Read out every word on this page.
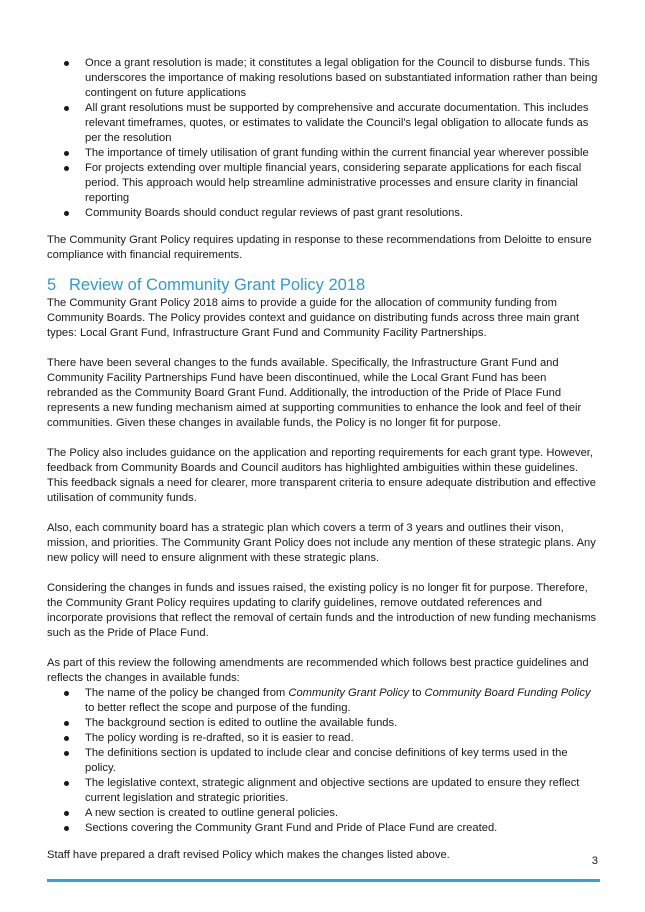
Once a grant resolution is made; it constitutes a legal obligation for the Council to disburse funds. This underscores the importance of making resolutions based on substantiated information rather than being contingent on future applications
All grant resolutions must be supported by comprehensive and accurate documentation. This includes relevant timeframes, quotes, or estimates to validate the Council's legal obligation to allocate funds as per the resolution
The importance of timely utilisation of grant funding within the current financial year wherever possible
For projects extending over multiple financial years, considering separate applications for each fiscal period. This approach would help streamline administrative processes and ensure clarity in financial reporting
Community Boards should conduct regular reviews of past grant resolutions.

The Community Grant Policy requires updating in response to these recommendations from Deloitte to ensure compliance with financial requirements.

5 Review of Community Grant Policy 2018

The Community Grant Policy 2018 aims to provide a guide for the allocation of community funding from Community Boards. The Policy provides context and guidance on distributing funds across three main grant types: Local Grant Fund, Infrastructure Grant Fund and Community Facility Partnerships.

There have been several changes to the funds available. Specifically, the Infrastructure Grant Fund and Community Facility Partnerships Fund have been discontinued, while the Local Grant Fund has been rebranded as the Community Board Grant Fund. Additionally, the introduction of the Pride of Place Fund represents a new funding mechanism aimed at supporting communities to enhance the look and feel of their communities. Given these changes in available funds, the Policy is no longer fit for purpose.

The Policy also includes guidance on the application and reporting requirements for each grant type. However, feedback from Community Boards and Council auditors has highlighted ambiguities within these guidelines. This feedback signals a need for clearer, more transparent criteria to ensure adequate distribution and effective utilisation of community funds.

Also, each community board has a strategic plan which covers a term of 3 years and outlines their vison, mission, and priorities. The Community Grant Policy does not include any mention of these strategic plans. Any new policy will need to ensure alignment with these strategic plans.

Considering the changes in funds and issues raised, the existing policy is no longer fit for purpose. Therefore, the Community Grant Policy requires updating to clarify guidelines, remove outdated references and incorporate provisions that reflect the removal of certain funds and the introduction of new funding mechanisms such as the Pride of Place Fund.

As part of this review the following amendments are recommended which follows best practice guidelines and reflects the changes in available funds:

The name of the policy be changed from Community Grant Policy to Community Board Funding Policy to better reflect the scope and purpose of the funding.
The background section is edited to outline the available funds.
The policy wording is re-drafted, so it is easier to read.
The definitions section is updated to include clear and concise definitions of key terms used in the policy.
The legislative context, strategic alignment and objective sections are updated to ensure they reflect current legislation and strategic priorities.
A new section is created to outline general policies.
Sections covering the Community Grant Fund and Pride of Place Fund are created.

Staff have prepared a draft revised Policy which makes the changes listed above.	3
